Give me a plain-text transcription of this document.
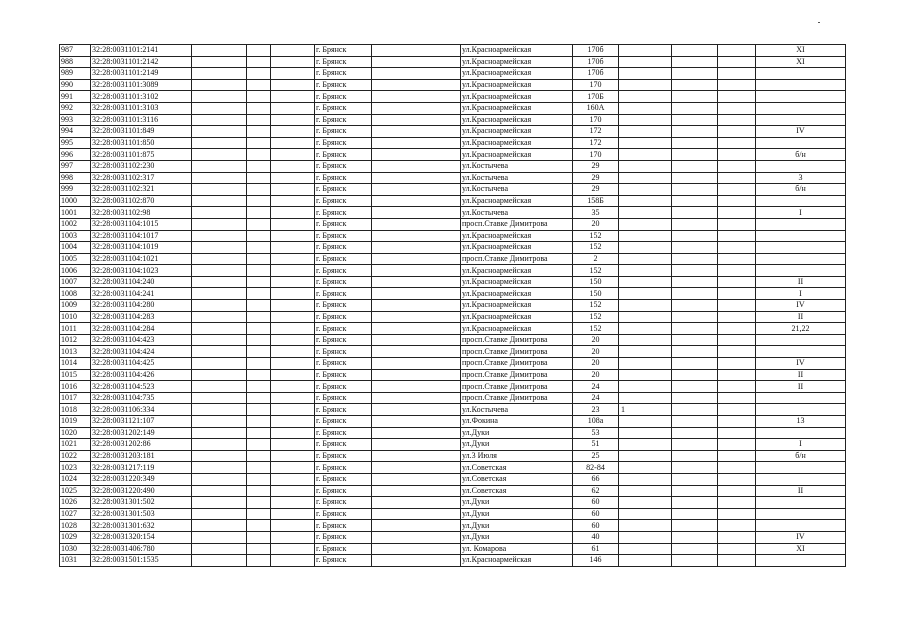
987	32:28:0031101:2141				г. Брянск		ул.Красноармейская	170б				XI
988	32:28:0031101:2142				г. Брянск		ул.Красноармейская	170б				XI
989	32:28:0031101:2149				г. Брянск		ул.Красноармейская	170б				
990	32:28:0031101:3089				г. Брянск		ул.Красноармейская	170				
991	32:28:0031101:3102				г. Брянск		ул.Красноармейская	170Б				
992	32:28:0031101:3103				г. Брянск		ул.Красноармейская	160А				
993	32:28:0031101:3116				г. Брянск		ул.Красноармейская	170				
994	32:28:0031101:849				г. Брянск		ул.Красноармейская	172				IV
995	32:28:0031101:850				г. Брянск		ул.Красноармейская	172				
996	32:28:0031101:875				г. Брянск		ул.Красноармейская	170				б/н
997	32:28:0031102:230				г. Брянск		ул.Костычева	29				
998	32:28:0031102:317				г. Брянск		ул.Костычева	29				3
999	32:28:0031102:321				г. Брянск		ул.Костычева	29				б/н
1000	32:28:0031102:870				г. Брянск		ул.Красноармейская	158Б				
1001	32:28:0031102:98				г. Брянск		ул.Костычева	35				I
1002	32:28:0031104:1015				г. Брянск		просп.Ставке Димитрова	20				
1003	32:28:0031104:1017				г. Брянск		ул.Красноармейская	152				
1004	32:28:0031104:1019				г. Брянск		ул.Красноармейская	152				
1005	32:28:0031104:1021				г. Брянск		просп.Ставке Димитрова	2				
1006	32:28:0031104:1023				г. Брянск		ул.Красноармейская	152				
1007	32:28:0031104:240				г. Брянск		ул.Красноармейская	150				II
1008	32:28:0031104:241				г. Брянск		ул.Красноармейская	150				I
1009	32:28:0031104:280				г. Брянск		ул.Красноармейская	152				IV
1010	32:28:0031104:283				г. Брянск		ул.Красноармейская	152				II
1011	32:28:0031104:284				г. Брянск		ул.Красноармейская	152				21,22
1012	32:28:0031104:423				г. Брянск		просп.Ставке Димитрова	20				
1013	32:28:0031104:424				г. Брянск		просп.Ставке Димитрова	20				
1014	32:28:0031104:425				г. Брянск		просп.Ставке Димитрова	20				IV
1015	32:28:0031104:426				г. Брянск		просп.Ставке Димитрова	20				II
1016	32:28:0031104:523				г. Брянск		просп.Ставке Димитрова	24				II
1017	32:28:0031104:735				г. Брянск		просп.Ставке Димитрова	24				
1018	32:28:0031106:334				г. Брянск		ул.Костычева	23	1			
1019	32:28:0031121:107				г. Брянск		ул.Фокина	108а				13
1020	32:28:0031202:149				г. Брянск		ул.Дуки	53				
1021	32:28:0031202:86				г. Брянск		ул.Дуки	51				I
1022	32:28:0031203:181				г. Брянск		ул.3 Июля	25				б/н
1023	32:28:0031217:119				г. Брянск		ул.Советская	82-84				
1024	32:28:0031220:349				г. Брянск		ул.Советская	66				
1025	32:28:0031220:490				г. Брянск		ул.Советская	62				II
1026	32:28:0031301:502				г. Брянск		ул.Дуки	60				
1027	32:28:0031301:503				г. Брянск		ул.Дуки	60				
1028	32:28:0031301:632				г. Брянск		ул.Дуки	60				
1029	32:28:0031320:154				г. Брянск		ул.Дуки	40				IV
1030	32:28:0031406:780				г. Брянск		ул. Комарова	61				XI
1031	32:28:0031501:1535				г. Брянск		ул.Красноармейская	146				
